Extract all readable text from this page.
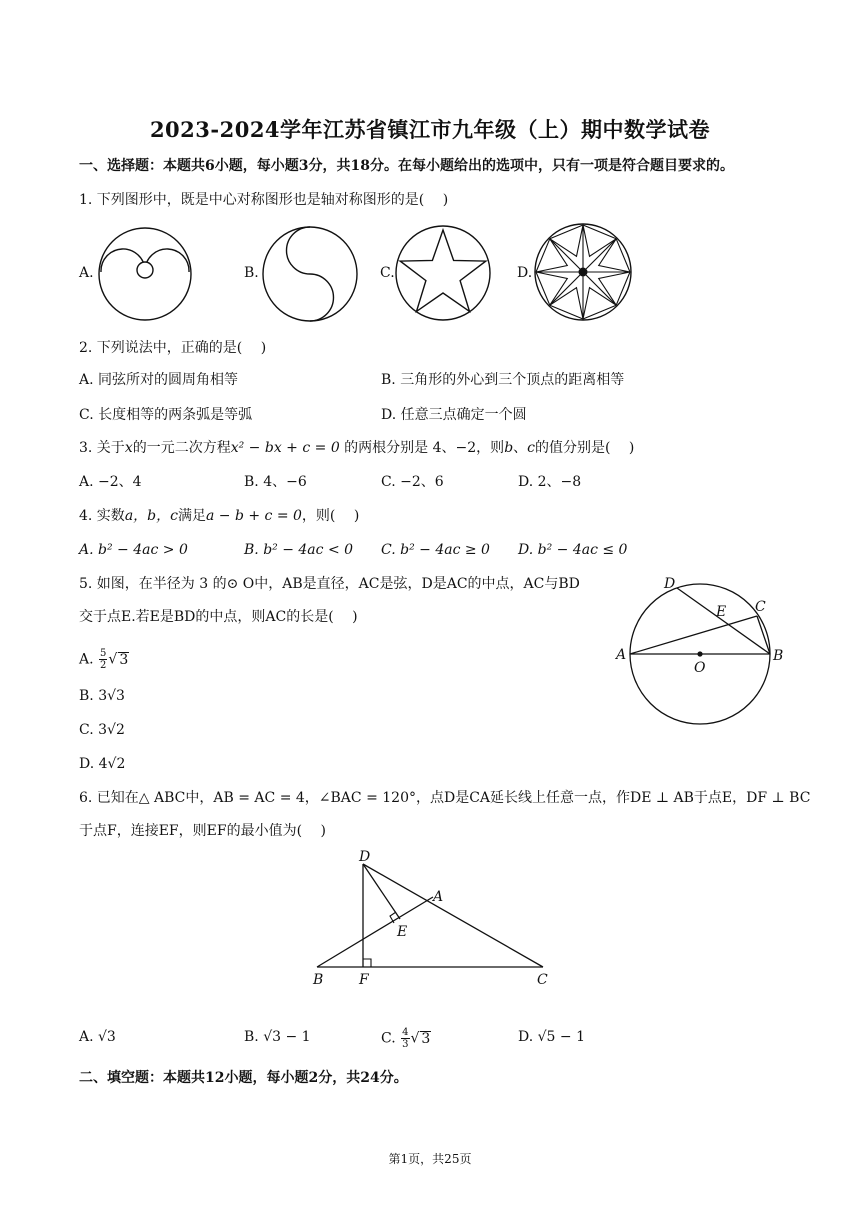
2023-2024学年江苏省镇江市九年级（上）期中数学试卷
一、选择题：本题共6小题，每小题3分，共18分。在每小题给出的选项中，只有一项是符合题目要求的。
1. 下列图形中，既是中心对称图形也是轴对称图形的是(　 )
A.	B.	C.	D.
2. 下列说法中，正确的是(　 )
A. 同弦所对的圆周角相等	B. 三角形的外心到三个顶点的距离相等
C. 长度相等的两条弧是等弧	D. 任意三点确定一个圆
3. 关于x的一元二次方程x² − bx + c = 0 的两根分别是 4、−2，则b、c的值分别是(　 )
A. −2、4	B. 4、−6	C. −2、6	D. 2、−8
4. 实数a，b，c满足a − b + c = 0，则(　 )
A. b² − 4ac > 0	B. b² − 4ac < 0 C. b² − 4ac ≥ 0 D. b² − 4ac ≤ 0
5. 如图，在半径为 3 的⊙ O中，AB是直径，AC是弦，D是AC的中点，AC与BD
交于点E.若E是BD的中点，则AC的长是(　 )
A. $\frac{5}{2}$ √ 3
B. 3√3
C. 3√2
D. 4√2
A	B
C
D
E
O
6. 已知在△ ABC中，AB = AC = 4，∠BAC = 120°，点D是CA延长线上任意一点，作DE ⊥ AB于点E，DF ⊥ BC
于点F，连接EF，则EF的最小值为(　 )
D
A
E
B	F	C
A. √3	B. √3 − 1	C. $\frac{4}{3}$ √ 3	D. √5 − 1
二、填空题：本题共12小题，每小题2分，共24分。
第1页，共25页
